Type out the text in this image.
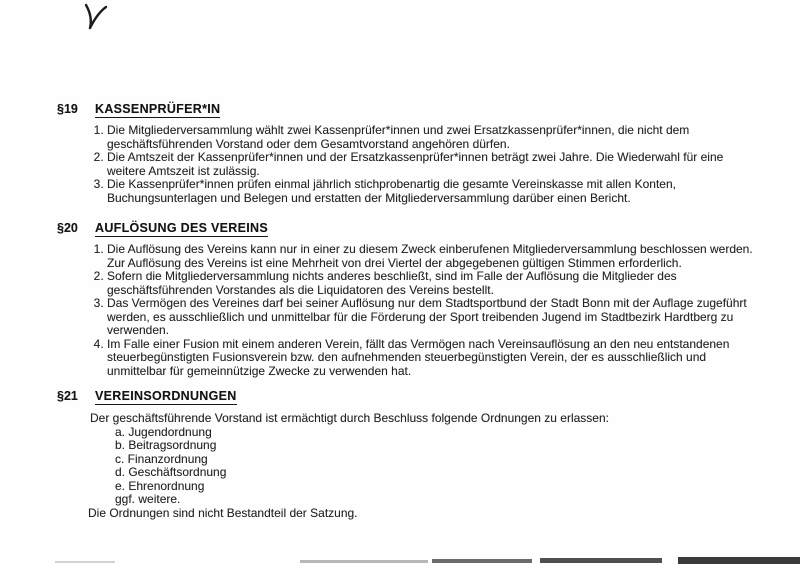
§19	KASSENPRÜFER*IN
1. Die Mitgliederversammlung wählt zwei Kassenprüfer*innen und zwei Ersatzkassenprüfer*innen, die nicht dem geschäftsführenden Vorstand oder dem Gesamtvorstand angehören dürfen.
2. Die Amtszeit der Kassenprüfer*innen und der Ersatzkassenprüfer*innen beträgt zwei Jahre. Die Wiederwahl für eine weitere Amtszeit ist zulässig.
3. Die Kassenprüfer*innen prüfen einmal jährlich stichprobenartig die gesamte Vereinskasse mit allen Konten, Buchungsunterlagen und Belegen und erstatten der Mitgliederversammlung darüber einen Bericht.
§20	AUFLÖSUNG DES VEREINS
1. Die Auflösung des Vereins kann nur in einer zu diesem Zweck einberufenen Mitgliederversammlung beschlossen werden. Zur Auflösung des Vereins ist eine Mehrheit von drei Viertel der abgegebenen gültigen Stimmen erforderlich.
2. Sofern die Mitgliederversammlung nichts anderes beschließt, sind im Falle der Auflösung die Mitglieder des geschäftsführenden Vorstandes als die Liquidatoren des Vereins bestellt.
3. Das Vermögen des Vereines darf bei seiner Auflösung nur dem Stadtsportbund der Stadt Bonn mit der Auflage zugeführt werden, es ausschließlich und unmittelbar für die Förderung der Sport treibenden Jugend im Stadtbezirk Hardtberg zu verwenden.
4. Im Falle einer Fusion mit einem anderen Verein, fällt das Vermögen nach Vereinsauflösung an den neu entstandenen steuerbegünstigten Fusionsverein bzw. den aufnehmenden steuerbegünstigten Verein, der es ausschließlich und unmittelbar für gemeinnützige Zwecke zu verwenden hat.
§21	VEREINSORDNUNGEN

Der geschäftsführende Vorstand ist ermächtigt durch Beschluss folgende Ordnungen zu erlassen:

a. Jugendordnung
b. Beitragsordnung
c. Finanzordnung
d. Geschäftsordnung
e. Ehrenordnung
ggf. weitere.
Die Ordnungen sind nicht Bestandteil der Satzung.
